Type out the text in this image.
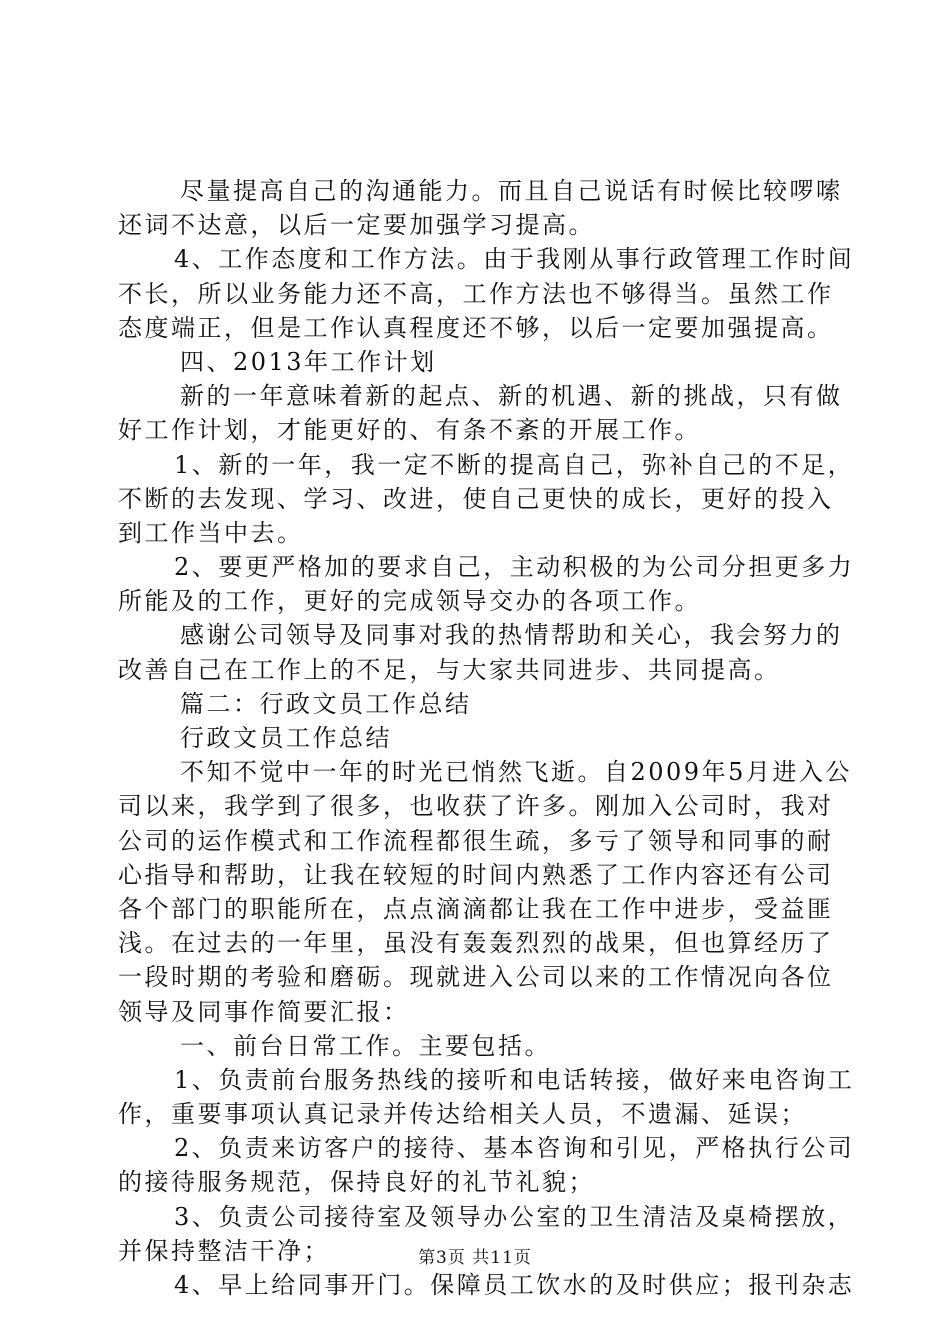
尽量提高自己的沟通能力。而且自己说话有时候比较啰嗦
还词不达意，以后一定要加强学习提高。
4、工作态度和工作方法。由于我刚从事行政管理工作时间
不长，所以业务能力还不高，工作方法也不够得当。虽然工作
态度端正，但是工作认真程度还不够，以后一定要加强提高。
四、2013年工作计划
新的一年意味着新的起点、新的机遇、新的挑战，只有做
好工作计划，才能更好的、有条不紊的开展工作。
1、新的一年，我一定不断的提高自己，弥补自己的不足，
不断的去发现、学习、改进，使自己更快的成长，更好的投入
到工作当中去。
2、要更严格加的要求自己，主动积极的为公司分担更多力
所能及的工作，更好的完成领导交办的各项工作。
感谢公司领导及同事对我的热情帮助和关心，我会努力的
改善自己在工作上的不足，与大家共同进步、共同提高。
篇二：行政文员工作总结
行政文员工作总结
不知不觉中一年的时光已悄然飞逝。自2009年5月进入公
司以来，我学到了很多，也收获了许多。刚加入公司时，我对
公司的运作模式和工作流程都很生疏，多亏了领导和同事的耐
心指导和帮助，让我在较短的时间内熟悉了工作内容还有公司
各个部门的职能所在，点点滴滴都让我在工作中进步，受益匪
浅。在过去的一年里，虽没有轰轰烈烈的战果，但也算经历了
一段时期的考验和磨砺。现就进入公司以来的工作情况向各位
领导及同事作简要汇报：
一、前台日常工作。主要包括。
1、负责前台服务热线的接听和电话转接，做好来电咨询工
作，重要事项认真记录并传达给相关人员，不遗漏、延误；
2、负责来访客户的接待、基本咨询和引见，严格执行公司
的接待服务规范，保持良好的礼节礼貌；
3、负责公司接待室及领导办公室的卫生清洁及桌椅摆放，
并保持整洁干净；
4、早上给同事开门。保障员工饮水的及时供应；报刊杂志
第3页 共11页
